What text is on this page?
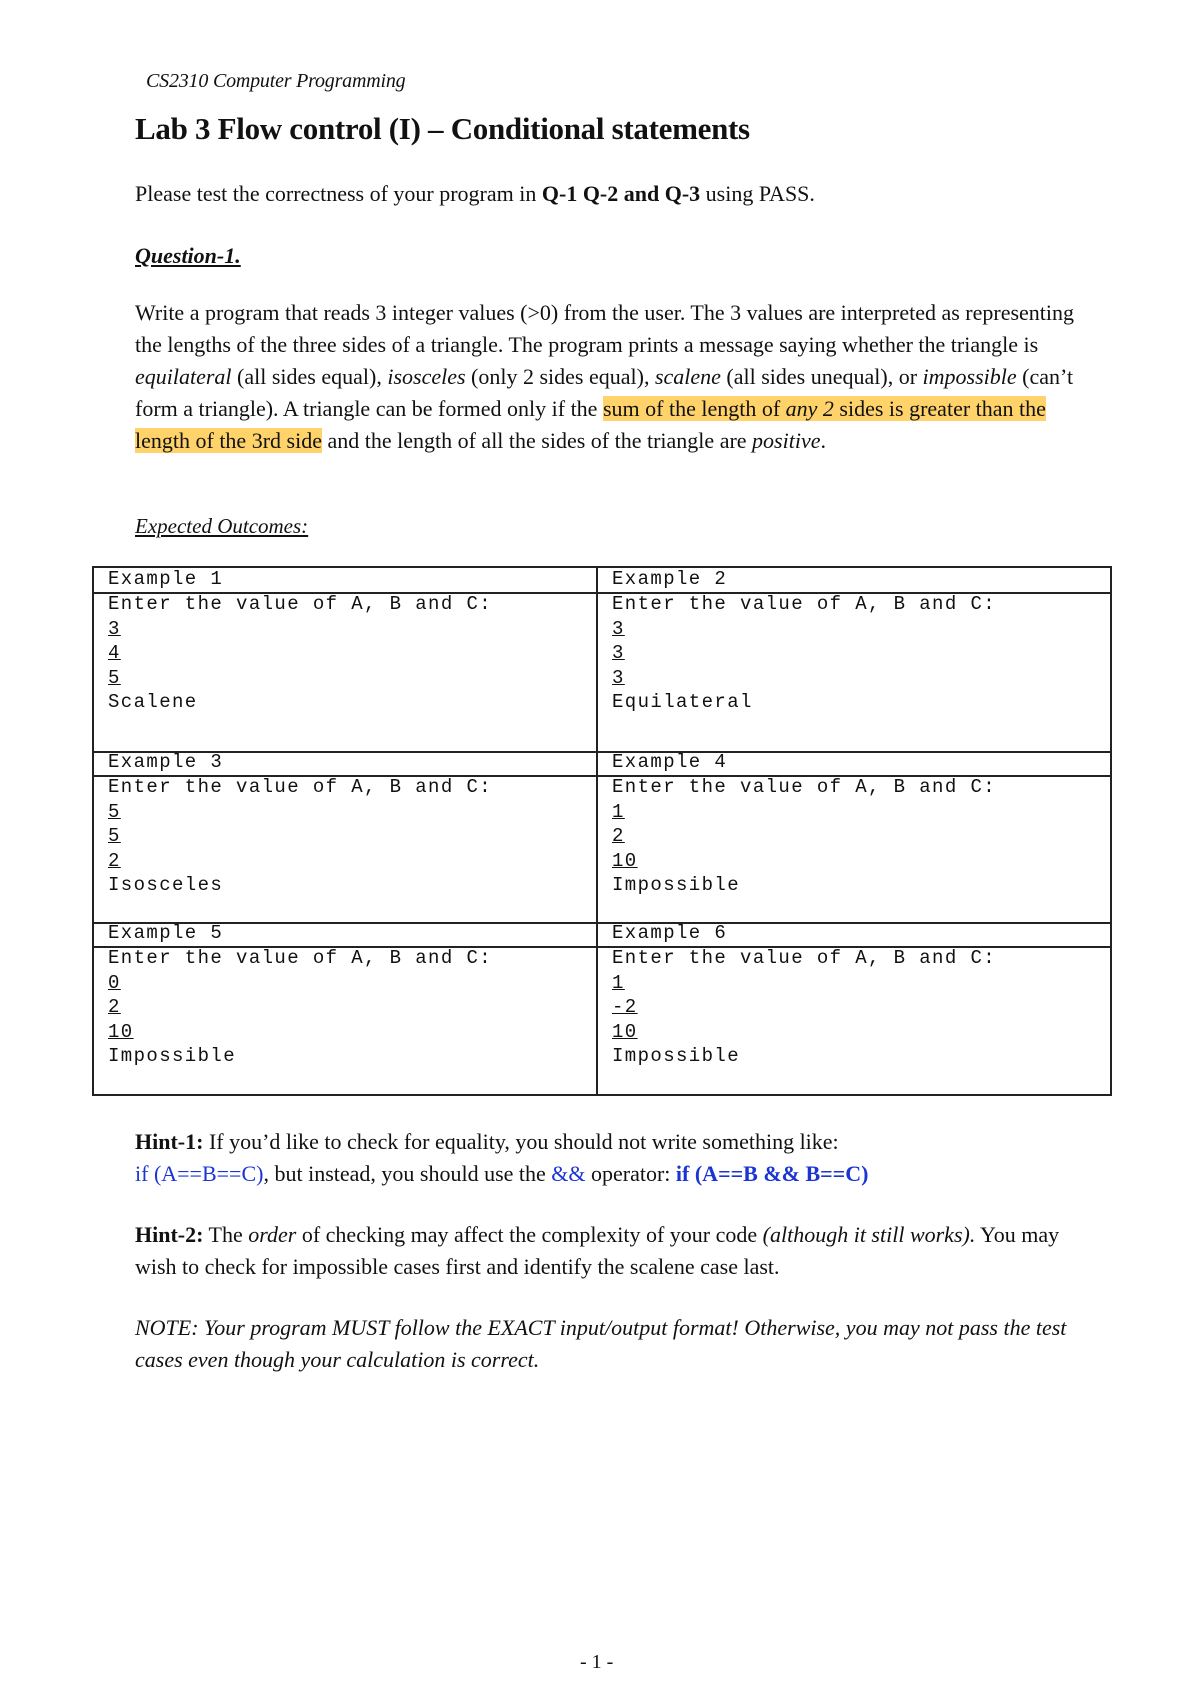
CS2310 Computer Programming
Lab 3 Flow control (I) – Conditional statements
Please test the correctness of your program in Q-1 Q-2 and Q-3 using PASS.
Question-1.
Write a program that reads 3 integer values (>0) from the user. The 3 values are interpreted as representing the lengths of the three sides of a triangle. The program prints a message saying whether the triangle is equilateral (all sides equal), isosceles (only 2 sides equal), scalene (all sides unequal), or impossible (can’t form a triangle). A triangle can be formed only if the sum of the length of any 2 sides is greater than the length of the 3rd side and the length of all the sides of the triangle are positive.
Expected Outcomes:
Example 1
Enter the value of A, B and C:
3
4
5
Scalene
Example 2
Enter the value of A, B and C:
3
3
3
Equilateral
Example 3
Enter the value of A, B and C:
5
5
2
Isosceles
Example 4
Enter the value of A, B and C:
1
2
10
Impossible
Example 5
Enter the value of A, B and C:
0
2
10
Impossible
Example 6
Enter the value of A, B and C:
1
-2
10
Impossible
Hint-1: If you’d like to check for equality, you should not write something like:
if (A==B==C), but instead, you should use the && operator: if (A==B && B==C)
Hint-2: The order of checking may affect the complexity of your code (although it still works). You may wish to check for impossible cases first and identify the scalene case last.
NOTE: Your program MUST follow the EXACT input/output format! Otherwise, you may not pass the test cases even though your calculation is correct.
- 1 -
